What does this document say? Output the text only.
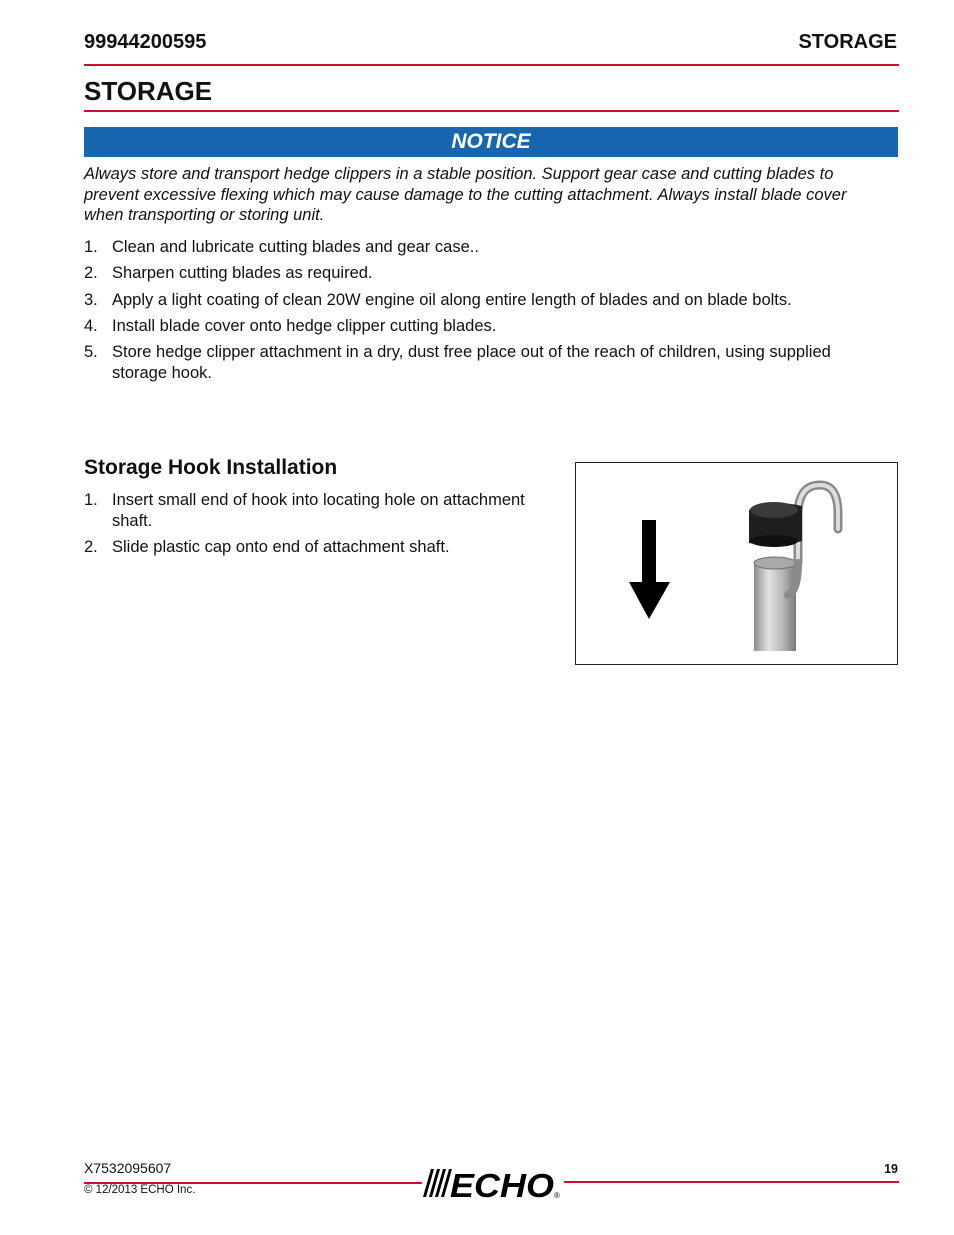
99944200595	STORAGE
STORAGE
NOTICE

Always store and transport hedge clippers in a stable position. Support gear case and cutting blades to prevent excessive flexing which may cause damage to the cutting attachment. Always install blade cover when transporting or storing unit.

1. Clean and lubricate cutting blades and gear case..
2. Sharpen cutting blades as required.
3. Apply a light coating of clean 20W engine oil along entire length of blades and on blade bolts.
4. Install blade cover onto hedge clipper cutting blades.
5. Store hedge clipper attachment in a dry, dust free place out of the reach of children, using supplied storage hook.
Storage Hook Installation
1. Insert small end of hook into locating hole on attachment shaft.
2. Slide plastic cap onto end of attachment shaft.
X7532095607
© 12/2013 ECHO Inc.
19
ECHO ®
